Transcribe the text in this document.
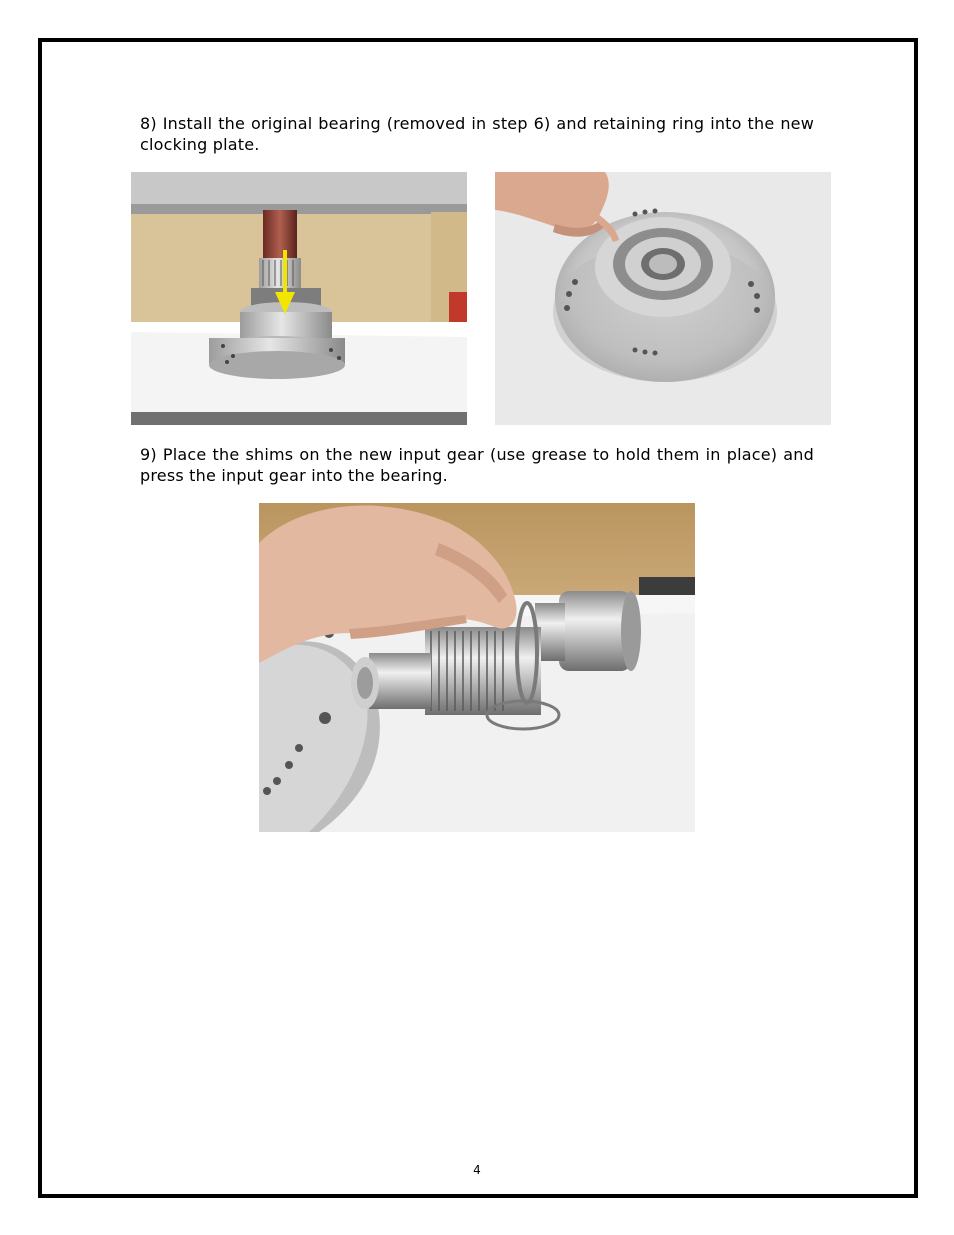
8) Install the original bearing (removed in step 6) and retaining ring into the new clocking plate.

9) Place the shims on the new input gear (use grease to hold them in place) and press the input gear into the bearing.

4
